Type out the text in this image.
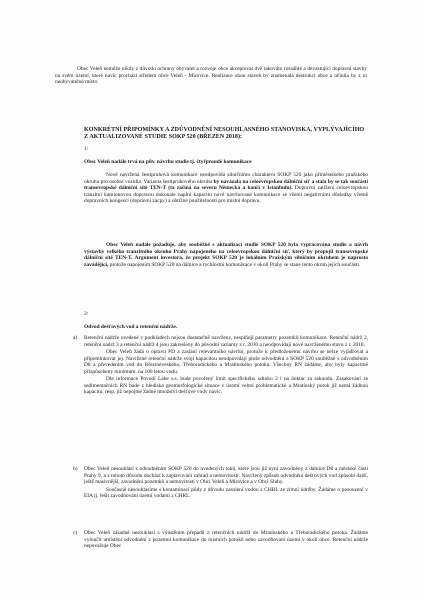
Obec Veleň nemůže nikdy z důvodu ochrany obyvatel a rozvoje obce akceptovat dvě takováto rozsáhlé a devastující dopravní stavby na svém území, které navíc prochází středem obce Veleň - Mírovice. Realizace obou staveb by znamenala destrukci obce a učinila by z ní neobyvatelné místo.

KONKRÉTNÍ PŘIPOMÍNKY A ZDŮVODNĚNÍ NESOUHLASNÉHO STANOVISKA, VYPLÝVAJÍCÍHO Z AKTUALIZOVANÉ STUDIE SOKP 520 (BŘEZEN 2018):
1/
Obec Veleň nadále trvá na pův. návrhu studie tj. čtyřproudé komunikace

Nově navržená šestipruhová komunikace neodpovídá silničnímu charakteru SOKP 520 jako příměstského pražského okruhu pro osobní vozidla. Varianta šestipruhového okruhu by navázala na celoevropskou dálniční síť a stala by se tak součástí transevropské dálniční sítě TEN-T (ta začíná na severu Německa a končí v Istanbulu). Dopravní zatížení celoevropskou tranzitní kamionovou dopravou dokonale naplní kapacitu nově navrhované komunikace se všemi negativními důsledky včetně dopravních kongescí (dopravní zácpy) a obtížné použitelnosti pro místní dopravu.

Obec Veleň nadále požaduje, aby souběžně s aktualizací studie SOKP 520 byla vypracována studie a návrh výstavby velkého tranzitního okruhu Prahy napojeného na celoevropskou dálniční síť, který by propojil transevropské dálniční sítě TEN-T. Argument investora, že projekt SOKP 520 je lokálním Pražským silničním okruhem je naprosto zavádějící, protože napojením SOKP 520 na dálnice a rychlostní komunikace v okolí Prahy se stane tento okruh jejich součástí.

2/
Odvod dešťových vod a retenční nádrže.
a)	Retenční nádrže uvedené v podkladech nejsou dostatečně navrženy, nesplňují parametry pozemků komunikace. Retenční nádrž 2, retenční nádrž 3 a retenční nádrž 4 jsou zakresleny do původní varianty z r. 2010 a neodpovídají nové navrženému stavu z r. 2018.

Obec Veleň žádá o opravu PD a zaslání relevantního návrhu, protože k předloženému návrhu se nelze vyjádřovat a připomínkovat jej. Navržené retenční nádrže svojí kapacitou neodpovídají ploše odvodnění z SOKP 520 souběžně s odvodněním D8 a převedením vod do Březinéveského, Třeboradického a Mratínského potoka. Všechny RN žádáme, aby byly kapacitně přizpůsobeny minimum. na 100 letou vodu.

Dle informace Povodí Labe s.s. bude povolený limit specifického odtoku 3 l na hektar za sekundu. Zasakování ze sedimentačních RN bude z hlediska geomorfologické situace v území velmi problematické a Mratínský potok již nemá žádnou kapacitu, resp. již nepojme žádné množství dešťové vody navíc.

b)	Obec Veleň nesouhlasí s odvodněním SOKP 520 do uvedených toků, které jsou již nyní zavodněny z dálnice D8 a městské části Prahy 9, a z tohoto důvodu dochází k zaplavování zahrad a nemovitostí. Navržený způsob odvodnění dešťových vod způsobí další, ještě masivnější, zavodnění pozemků a nemovitostí v Obci Veleň a Mírovice a v Obci Sluhy.

Současně nesouhlasíme s kontaminací půdy z důvodu zasolení vodou z CHRL ze zimní údržby. Žádáme o posouzení v EIA tj. řešit zavodňování území vodami z CHRL.

c)	Obec Veleň zásadně nesouhlasí s výústěním přepadů z retenčních nádrží do Mratínského a Třeboradického potoka. Žádáme vyloučit umístění odvodnění z pozemní komunikace do místních potoků nebo zavodňovaní území v okolí obce. Retenční nádrže nepovažuje Obec
